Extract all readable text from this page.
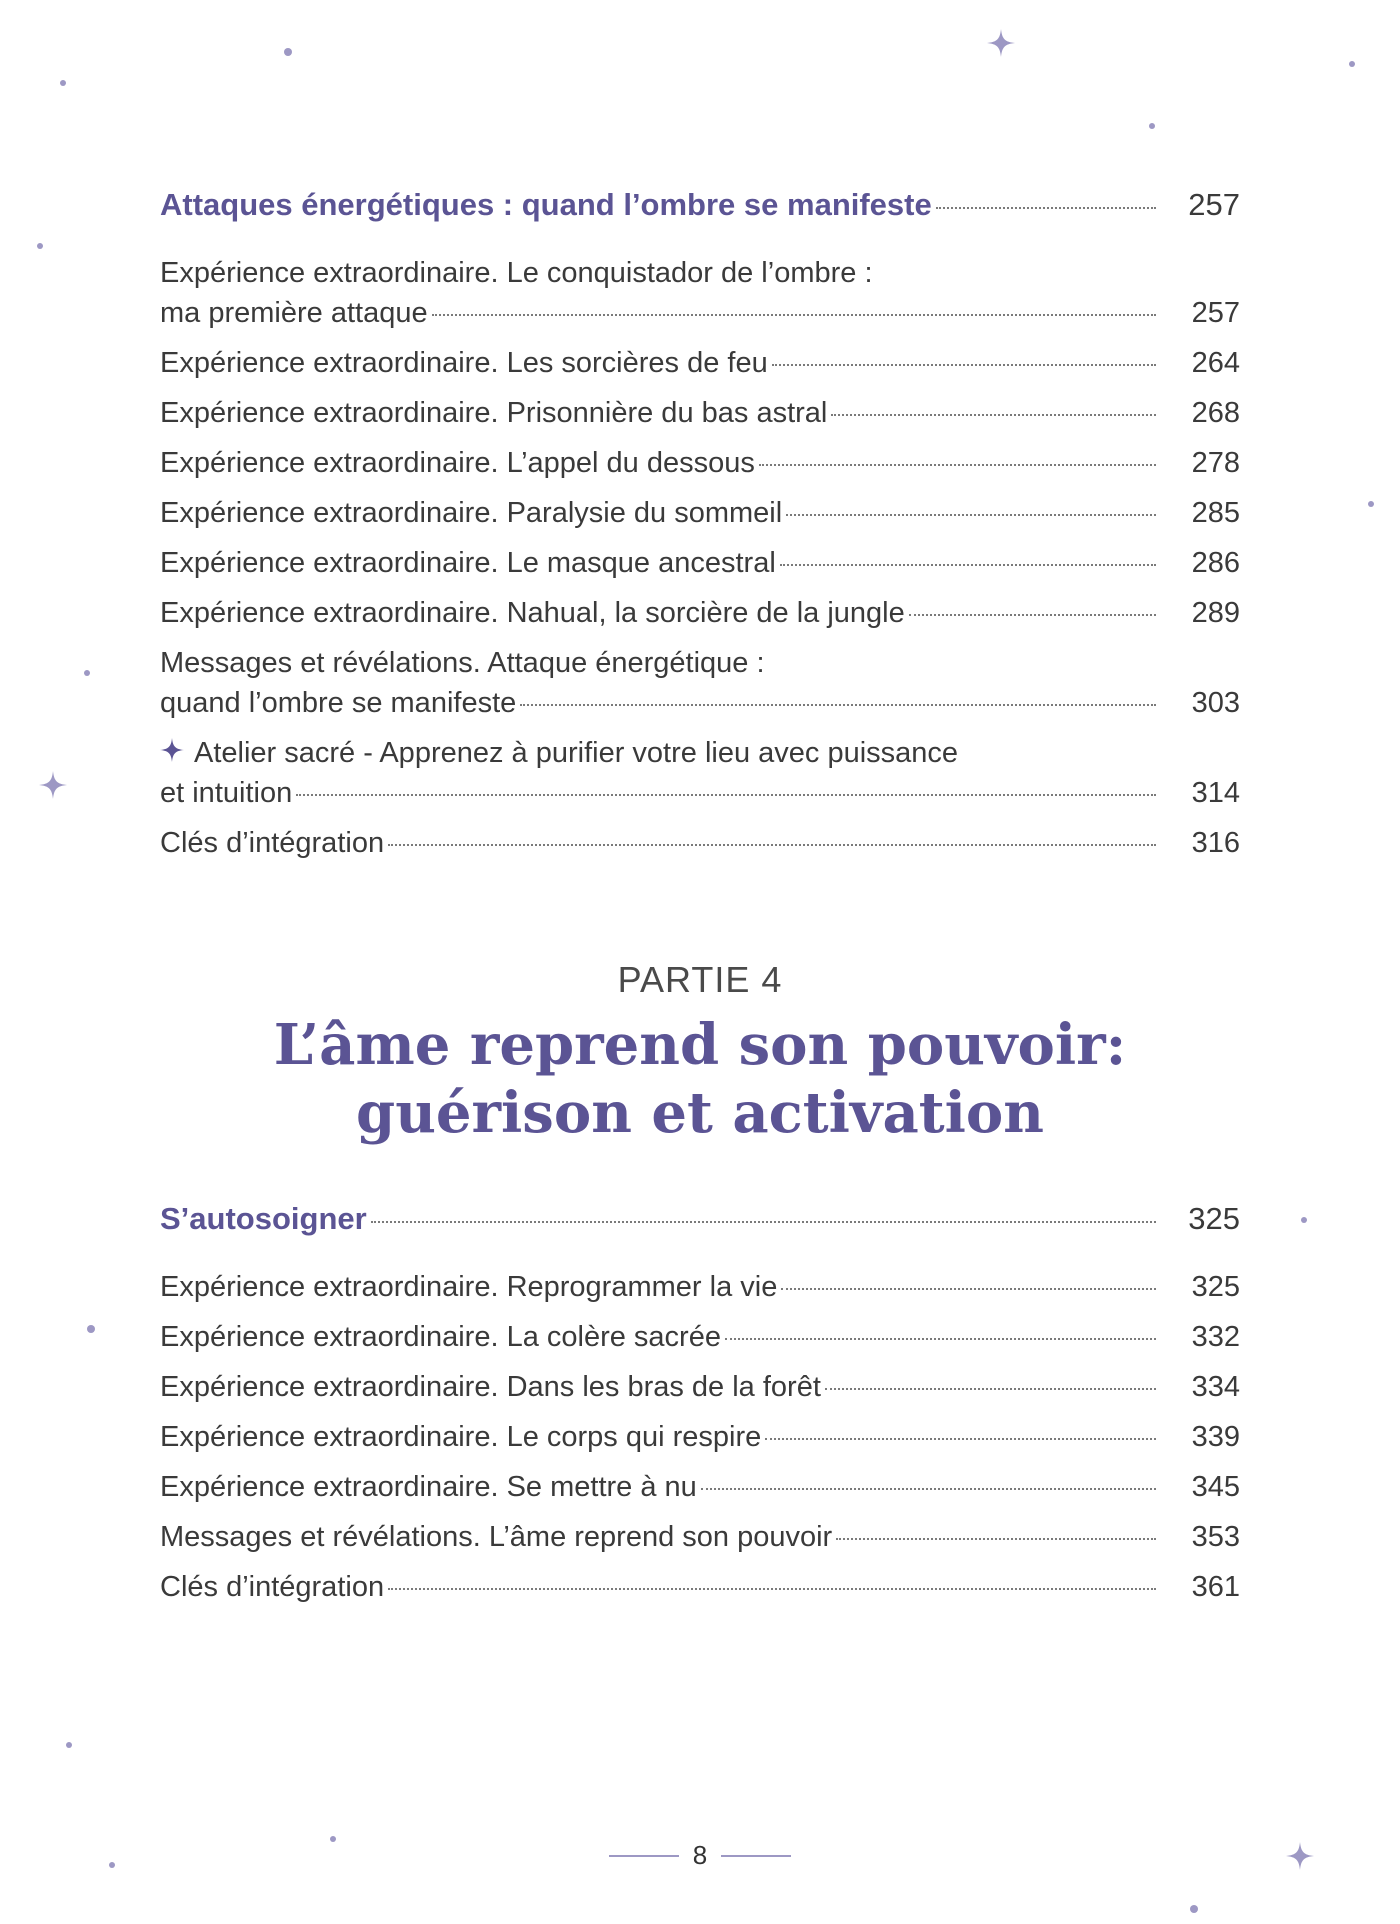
Attaques énergétiques : quand l’ombre se manifeste	257
Expérience extraordinaire. Le conquistador de l’ombre :
ma première attaque	257
Expérience extraordinaire. Les sorcières de feu	264
Expérience extraordinaire. Prisonnière du bas astral	268
Expérience extraordinaire. L’appel du dessous	278
Expérience extraordinaire. Paralysie du sommeil	285
Expérience extraordinaire. Le masque ancestral	286
Expérience extraordinaire. Nahual, la sorcière de la jungle	289
Messages et révélations. Attaque énergétique :
quand l’ombre se manifeste	303
Atelier sacré - Apprenez à purifier votre lieu avec puissance
et intuition	314
Clés d’intégration	316
PARTIE 4
L’âme reprend son pouvoir:
guérison et activation
S’autosoigner	325
Expérience extraordinaire. Reprogrammer la vie	325
Expérience extraordinaire. La colère sacrée	332
Expérience extraordinaire. Dans les bras de la forêt	334
Expérience extraordinaire. Le corps qui respire	339
Expérience extraordinaire. Se mettre à nu	345
Messages et révélations. L’âme reprend son pouvoir	353
Clés d’intégration	361
8
